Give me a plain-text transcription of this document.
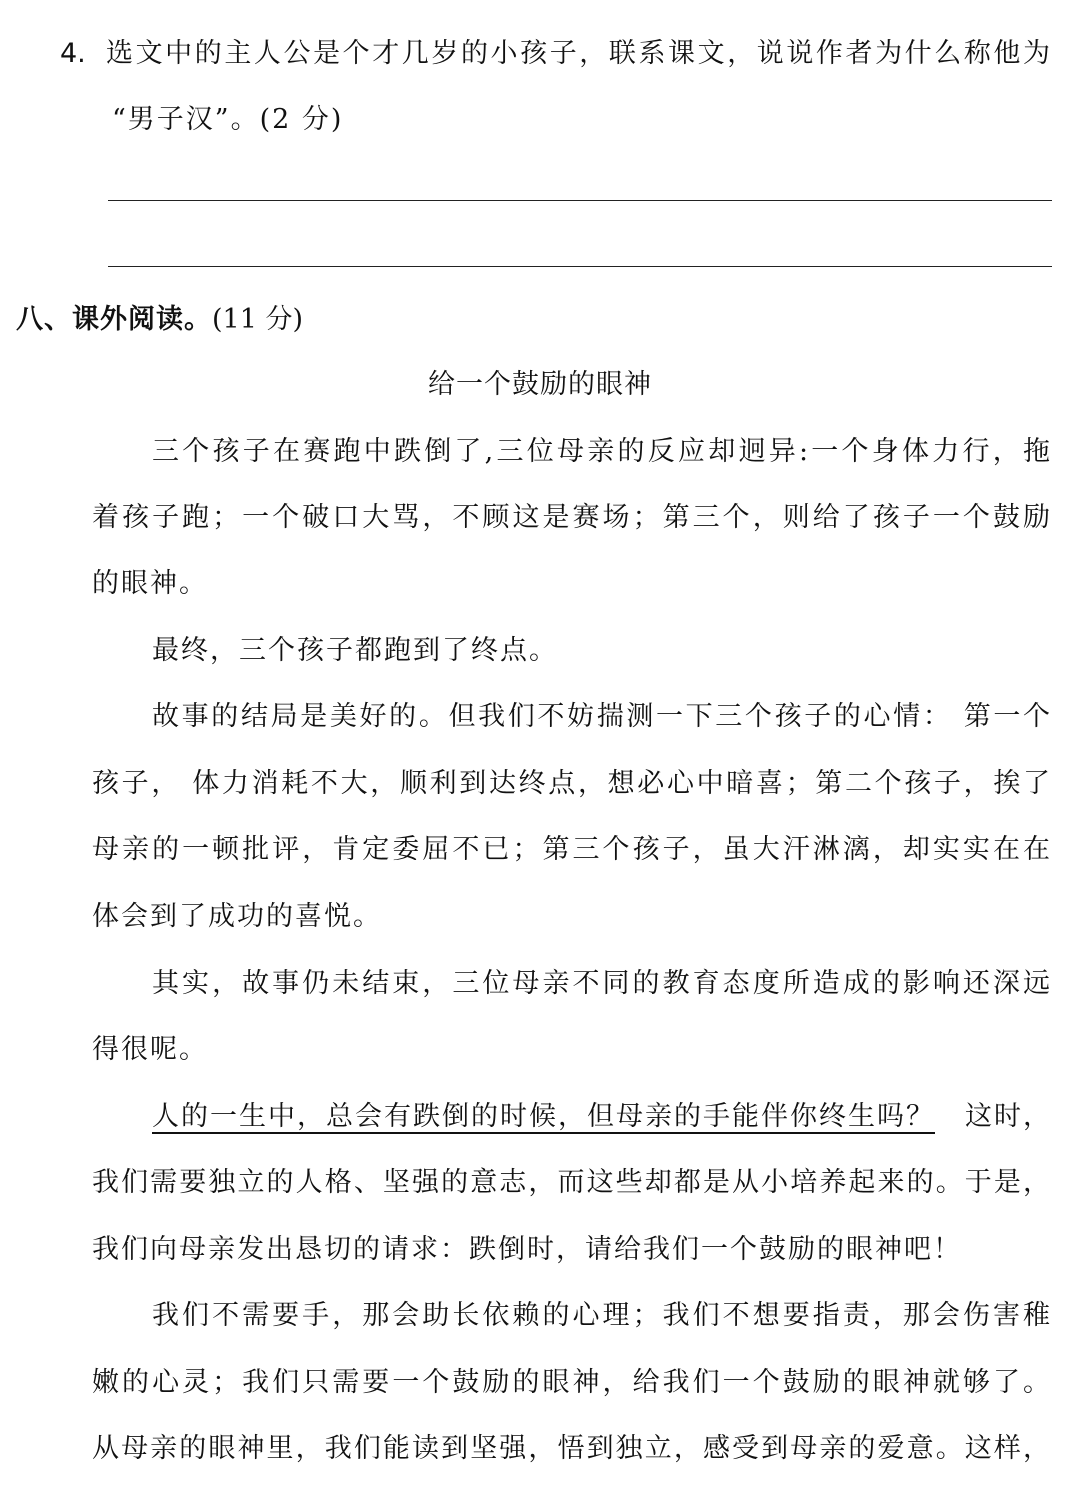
4. 选文中的主人公是个才几岁的小孩子，联系课文，说说作者为什么称他为
“男子汉”。(2 分)
八、课外阅读。(11 分)
给一个鼓励的眼神
三个孩子在赛跑中跌倒了,三位母亲的反应却迥异:一个身体力行，拖
着孩子跑；一个破口大骂，不顾这是赛场；第三个，则给了孩子一个鼓励
的眼神。
最终，三个孩子都跑到了终点。
故事的结局是美好的。但我们不妨揣测一下三个孩子的心情： 第一个
孩子， 体力消耗不大，顺利到达终点，想必心中暗喜；第二个孩子，挨了
母亲的一顿批评，肯定委屈不已；第三个孩子，虽大汗淋漓，却实实在在
体会到了成功的喜悦。
其实，故事仍未结束，三位母亲不同的教育态度所造成的影响还深远
得很呢。
人的一生中，总会有跌倒的时候，但母亲的手能伴你终生吗？ 这时，
我们需要独立的人格、坚强的意志，而这些却都是从小培养起来的。于是，
我们向母亲发出恳切的请求：跌倒时，请给我们一个鼓励的眼神吧！
我们不需要手，那会助长依赖的心理；我们不想要指责，那会伤害稚
嫩的心灵；我们只需要一个鼓励的眼神，给我们一个鼓励的眼神就够了。
从母亲的眼神里，我们能读到坚强，悟到独立，感受到母亲的爱意。这样，
